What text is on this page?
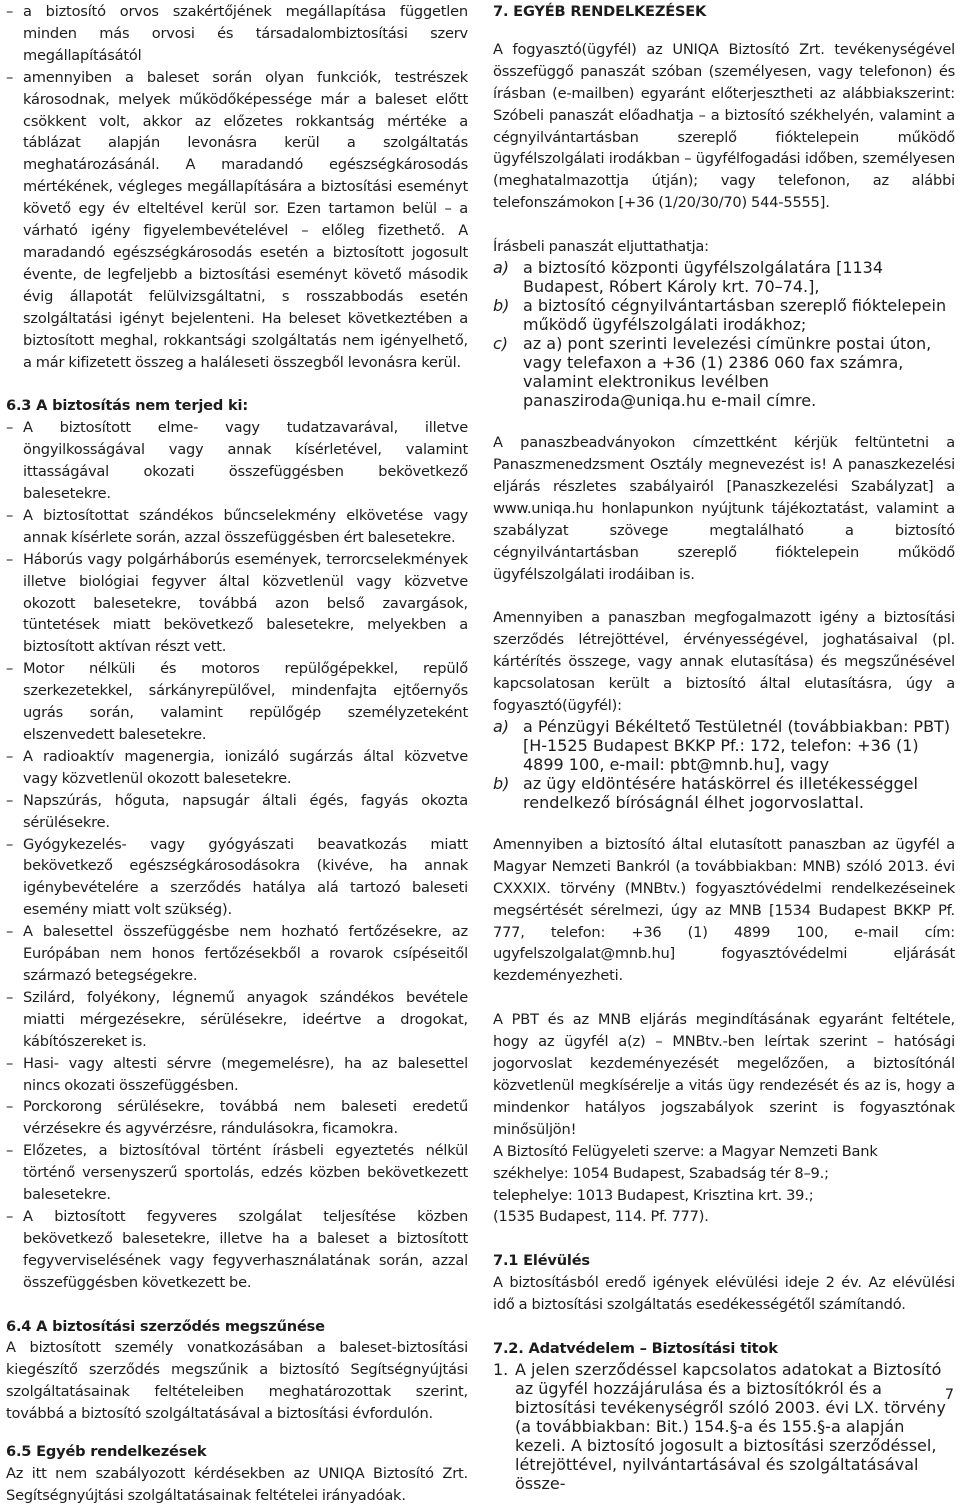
– a biztosító orvos szakértőjének megállapítása független minden más orvosi és társadalombiztosítási szerv megállapításától
– amennyiben a baleset során olyan funkciók, testrészek károsodnak, melyek működőképessége már a baleset előtt csökkent volt, akkor az előzetes rokkantság mértéke a táblázat alapján levonásra kerül a szolgáltatás meghatározásánál. A maradandó egészségkárosodás mértékének, végleges megállapítására a biztosítási eseményt követő egy év elteltével kerül sor. Ezen tartamon belül – a várható igény figyelembevételével – előleg fizethető. A maradandó egészségkárosodás esetén a biztosított jogosult évente, de legfeljebb a biztosítási eseményt követő második évig állapotát felülvizsgáltatni, s rosszabbodás esetén szolgáltatási igényt bejelenteni. Ha beleset következtében a biztosított meghal, rokkantsági szolgáltatás nem igényelhető, a már kifizetett összeg a haláleseti összegből levonásra kerül.
6.3 A biztosítás nem terjed ki:
– A biztosított elme- vagy tudatzavarával, illetve öngyilkosságával vagy annak kísérletével, valamint ittasságával okozati összefüggésben bekövetkező balesetekre.
– A biztosítottat szándékos bűncselekmény elkövetése vagy annak kísérlete során, azzal összefüggésben ért balesetekre.
– Háborús vagy polgárháborús események, terrorcselekmények illetve biológiai fegyver által közvetlenül vagy közvetve okozott balesetekre, továbbá azon belső zavargások, tüntetések miatt bekövetkező balesetekre, melyekben a biztosított aktívan részt vett.
– Motor nélküli és motoros repülőgépekkel, repülő szerkezetekkel, sárkányrepülővel, mindenfajta ejtőernyős ugrás során, valamint repülőgép személyzeteként elszenvedett balesetekre.
– A radioaktív magenergia, ionizáló sugárzás által közvetve vagy közvetlenül okozott balesetekre.
– Napszúrás, hőguta, napsugár általi égés, fagyás okozta sérülésekre.
– Gyógykezelés- vagy gyógyászati beavatkozás miatt bekövetkező egészségkárosodásokra (kivéve, ha annak igénybevételére a szerződés hatálya alá tartozó baleseti esemény miatt volt szükség).
– A balesettel összefüggésbe nem hozható fertőzésekre, az Európában nem honos fertőzésekből a rovarok csípéseitől származó betegségekre.
– Szilárd, folyékony, légnemű anyagok szándékos bevétele miatti mérgezésekre, sérülésekre, ideértve a drogokat, kábítószereket is.
– Hasi- vagy altesti sérvre (megemelésre), ha az balesettel nincs okozati összefüggésben.
– Porckorong sérülésekre, továbbá nem baleseti eredetű vérzésekre és agyvérzésre, rándulásokra, ficamokra.
– Előzetes, a biztosítóval történt írásbeli egyeztetés nélkül történő versenyszerű sportolás, edzés közben bekövetkezett balesetekre.
– A biztosított fegyveres szolgálat teljesítése közben bekövetkező balesetekre, illetve ha a baleset a biztosított fegyverviselésének vagy fegyverhasználatának során, azzal összefüggésben következett be.
6.4 A biztosítási szerződés megszűnése

A biztosított személy vonatkozásában a baleset-biztosítási kiegészítő szerződés megszűnik a biztosító Segítségnyújtási szolgáltatásainak feltételeiben meghatározottak szerint, továbbá a biztosító szolgáltatásával a biztosítási évfordulón.

6.5 Egyéb rendelkezések

Az itt nem szabályozott kérdésekben az UNIQA Biztosító Zrt. Segítségnyújtási szolgáltatásainak feltételei irányadóak.

7. EGYÉB RENDELKEZÉSEK

A fogyasztó(ügyfél) az UNIQA Biztosító Zrt. tevékenységével összefüggő panaszát szóban (személyesen, vagy telefonon) és írásban (e-mailben) egyaránt előterjesztheti az alábbiakszerint: Szóbeli panaszát előadhatja – a biztosító székhelyén, valamint a cégnyilvántartásban szereplő fióktelepein működő ügyfélszolgálati irodákban – ügyfélfogadási időben, személyesen (meghatalmazottja útján); vagy telefonon, az alábbi telefonszámokon [+36 (1/20/30/70) 544-5555].

Írásbeli panaszát eljuttathatja:

a) a biztosító központi ügyfélszolgálatára [1134 Budapest, Róbert Károly krt. 70–74.],
b) a biztosító cégnyilvántartásban szereplő fióktelepein működő ügyfélszolgálati irodákhoz;
c) az a) pont szerinti levelezési címünkre postai úton, vagy telefaxon a +36 (1) 2386 060 fax számra, valamint elektronikus levélben panasziroda@uniqa.hu e-mail címre.

A panaszbeadványokon címzettként kérjük feltüntetni a Panaszmenedzsment Osztály megnevezést is! A panaszkezelési eljárás részletes szabályairól [Panaszkezelési Szabályzat] a www.uniqa.hu honlapunkon nyújtunk tájékoztatást, valamint a szabályzat szövege megtalálható a biztosító cégnyilvántartásban szereplő fióktelepein működő ügyfélszolgálati irodáiban is.

Amennyiben a panaszban megfogalmazott igény a biztosítási szerződés létrejöttével, érvényességével, joghatásaival (pl. kártérítés összege, vagy annak elutasítása) és megszűnésével kapcsolatosan került a biztosító által elutasításra, úgy a fogyasztó(ügyfél):

a) a Pénzügyi Békéltető Testületnél (továbbiakban: PBT) [H-1525 Budapest BKKP Pf.: 172, telefon: +36 (1) 4899 100, e-mail: pbt@mnb.hu], vagy
b) az ügy eldöntésére hatáskörrel és illetékességgel rendelkező bíróságnál élhet jogorvoslattal.

Amennyiben a biztosító által elutasított panaszban az ügyfél a Magyar Nemzeti Bankról (a továbbiakban: MNB) szóló 2013. évi CXXXIX. törvény (MNBtv.) fogyasztóvédelmi rendelkezéseinek megsértését sérelmezi, úgy az MNB [1534 Budapest BKKP Pf. 777, telefon: +36 (1) 4899 100, e-mail cím: ugyfelszolgalat@mnb.hu] fogyasztóvédelmi eljárását kezdeményezheti.

A PBT és az MNB eljárás megindításának egyaránt feltétele, hogy az ügyfél a(z) – MNBtv.-ben leírtak szerint – hatósági jogorvoslat kezdeményezését megelőzően, a biztosítónál közvetlenül megkísérelje a vitás ügy rendezését és az is, hogy a mindenkor hatályos jogszabályok szerint is fogyasztónak minősüljön!

A Biztosító Felügyeleti szerve: a Magyar Nemzeti Bank

székhelye: 1054 Budapest, Szabadság tér 8–9.;

telephelye: 1013 Budapest, Krisztina krt. 39.;

(1535 Budapest, 114. Pf. 777).

7.1 Elévülés

A biztosításból eredő igények elévülési ideje 2 év. Az elévülési idő a biztosítási szolgáltatás esedékességétől számítandó.

7.2. Adatvédelem – Biztosítási titok
1. A jelen szerződéssel kapcsolatos adatokat a Biztosító az ügyfél hozzájárulása és a biztosítókról és a biztosítási tevékenységről szóló 2003. évi LX. törvény (a továbbiakban: Bit.) 154.§-a és 155.§-a alapján kezeli. A biztosító jogosult a biztosítási szerződéssel, létrejöttével, nyilvántartásával és szolgáltatásával össze-
7
